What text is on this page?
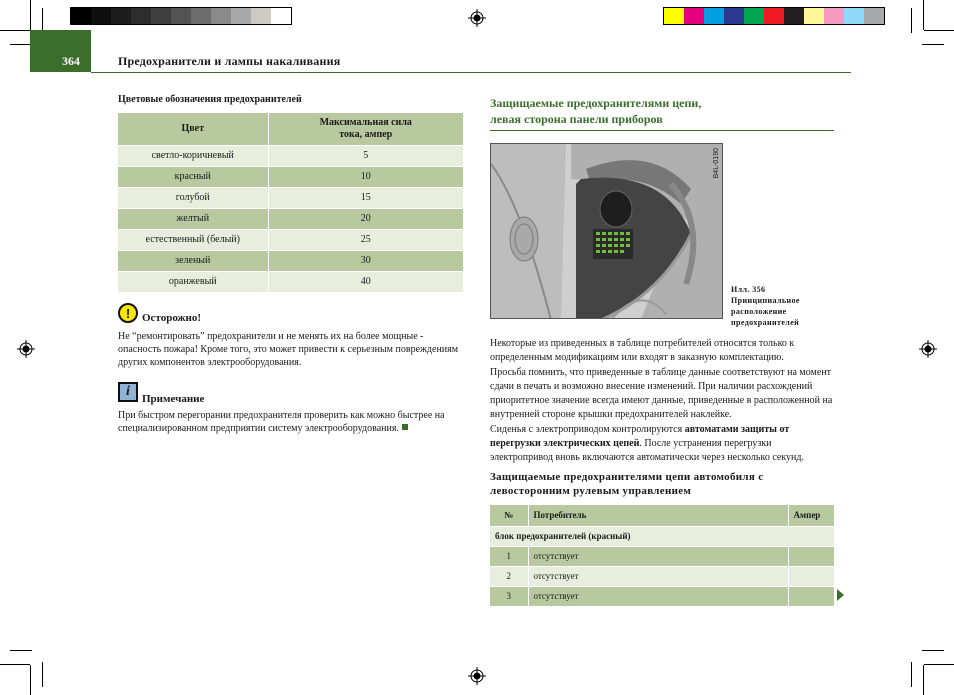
364	Предохранители и лампы накаливания
Цветовые обозначения предохранителей
Цвет	Максимальная сила тока, ампер
светло-коричневый	5
красный	10
голубой	15
желтый	20
естественный (белый)	25
зеленый	30
оранжевый	40
!	Осторожно!
Не “ремонтировать” предохранители и не менять их на более мощные - опасность пожара! Кроме того, это может привести к серьезным повреждениям других компонентов электрооборудования.
i	Примечание
При быстром перегорании предохранителя проверить как можно быстрее на специализированном предприятии систему электрооборудования.
Защищаемые предохранителями цепи,
левая сторона панели приборов
B4L-0190
Илл. 356 Принципиальное расположение предохранителей
Некоторые из приведенных в таблице потребителей относятся только к определенным модификациям или входят в заказную комплектацию.
Просьба помнить, что приведенные в таблице данные соответствуют на момент сдачи в печать и возможно внесение изменений. При наличии расхождений приоритетное значение всегда имеют данные, приведенные в расположенной на внутренней стороне крышки предохранителей наклейке.
Сиденья с электроприводом контролируются автоматами защиты от перегрузки электрических цепей. После устранения перегрузки электропривод вновь включаются автоматически через несколько секунд.
Защищаемые предохранителями цепи автомобиля с левосторонним рулевым управлением
№	Потребитель	Ампер
блок предохранителей (красный)		
1	отсутствует	
2	отсутствует	
3	отсутствует	
